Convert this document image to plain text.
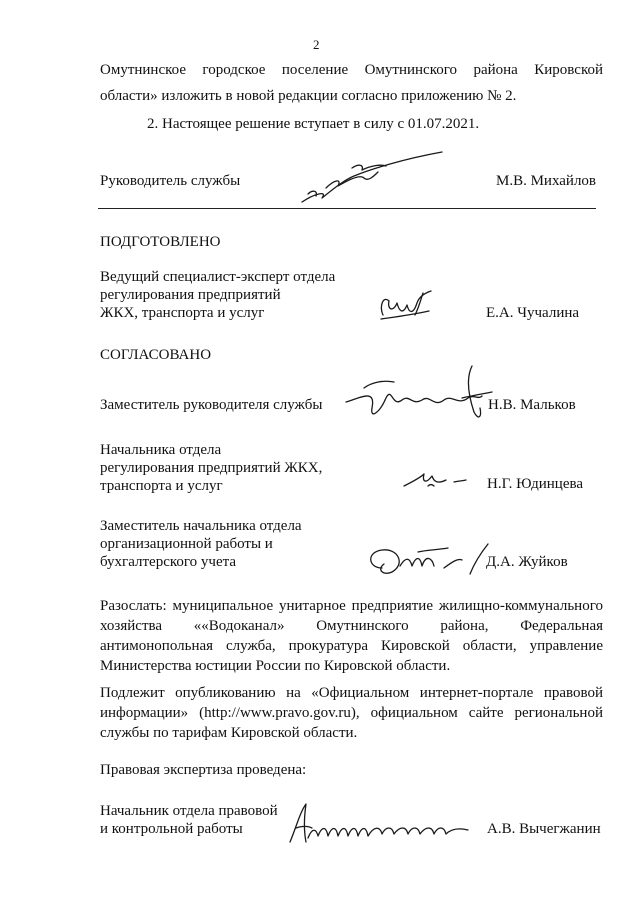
2
Омутнинское городское поселение Омутнинского района Кировской
области» изложить в новой редакции согласно приложению № 2.
2. Настоящее решение вступает в силу с 01.07.2021.
Руководитель службы	М.В. Михайлов
ПОДГОТОВЛЕНО
Ведущий специалист-эксперт отдела
регулирования предприятий
ЖКХ, транспорта и услуг	Е.А. Чучалина
СОГЛАСОВАНО
Заместитель руководителя службы	Н.В. Мальков
Начальника отдела
регулирования предприятий ЖКХ,
транспорта и услуг	Н.Г. Юдинцева
Заместитель начальника отдела
организационной работы и
бухгалтерского учета	Д.А. Жуйков
Разослать: муниципальное унитарное предприятие жилищно-коммунального
хозяйства ««Водоканал» Омутнинского района, Федеральная
антимонопольная служба, прокуратура Кировской области, управление
Министерства юстиции России по Кировской области.
Подлежит опубликованию на «Официальном интернет-портале правовой
информации» (http://www.pravo.gov.ru), официальном сайте региональной
службы по тарифам Кировской области.
Правовая экспертиза проведена:
Начальник отдела правовой
и контрольной работы	А.В. Вычегжанин
